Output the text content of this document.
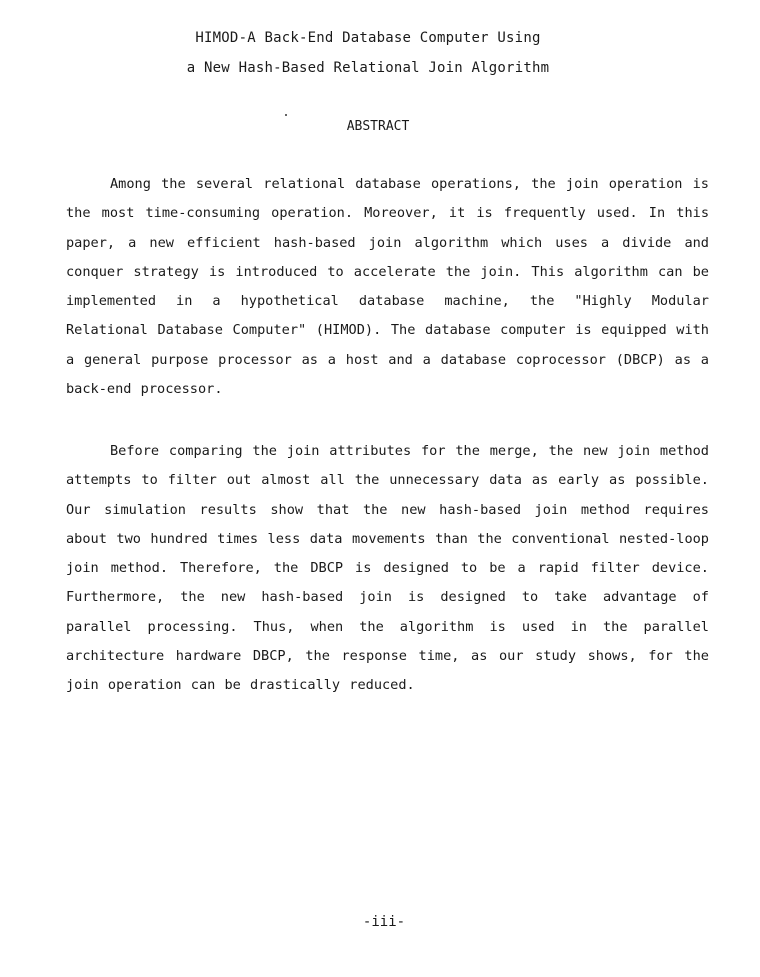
HIMOD-A Back-End Database Computer Using
a New Hash-Based Relational Join Algorithm
ABSTRACT

Among the several relational database operations, the join operation is the most time-consuming operation. Moreover, it is frequently used. In this paper, a new efficient hash-based join algorithm which uses a divide and conquer strategy is introduced to accelerate the join. This algorithm can be implemented in a hypothetical database machine, the "Highly Modular Relational Database Computer" (HIMOD). The database computer is equipped with a general purpose processor as a host and a database coprocessor (DBCP) as a back-end processor.

Before comparing the join attributes for the merge, the new join method attempts to filter out almost all the unnecessary data as early as possible. Our simulation results show that the new hash-based join method requires about two hundred times less data movements than the conventional nested-loop join method. Therefore, the DBCP is designed to be a rapid filter device. Furthermore, the new hash-based join is designed to take advantage of parallel processing. Thus, when the algorithm is used in the parallel architecture hardware DBCP, the response time, as our study shows, for the join operation can be drastically reduced.

-iii-
